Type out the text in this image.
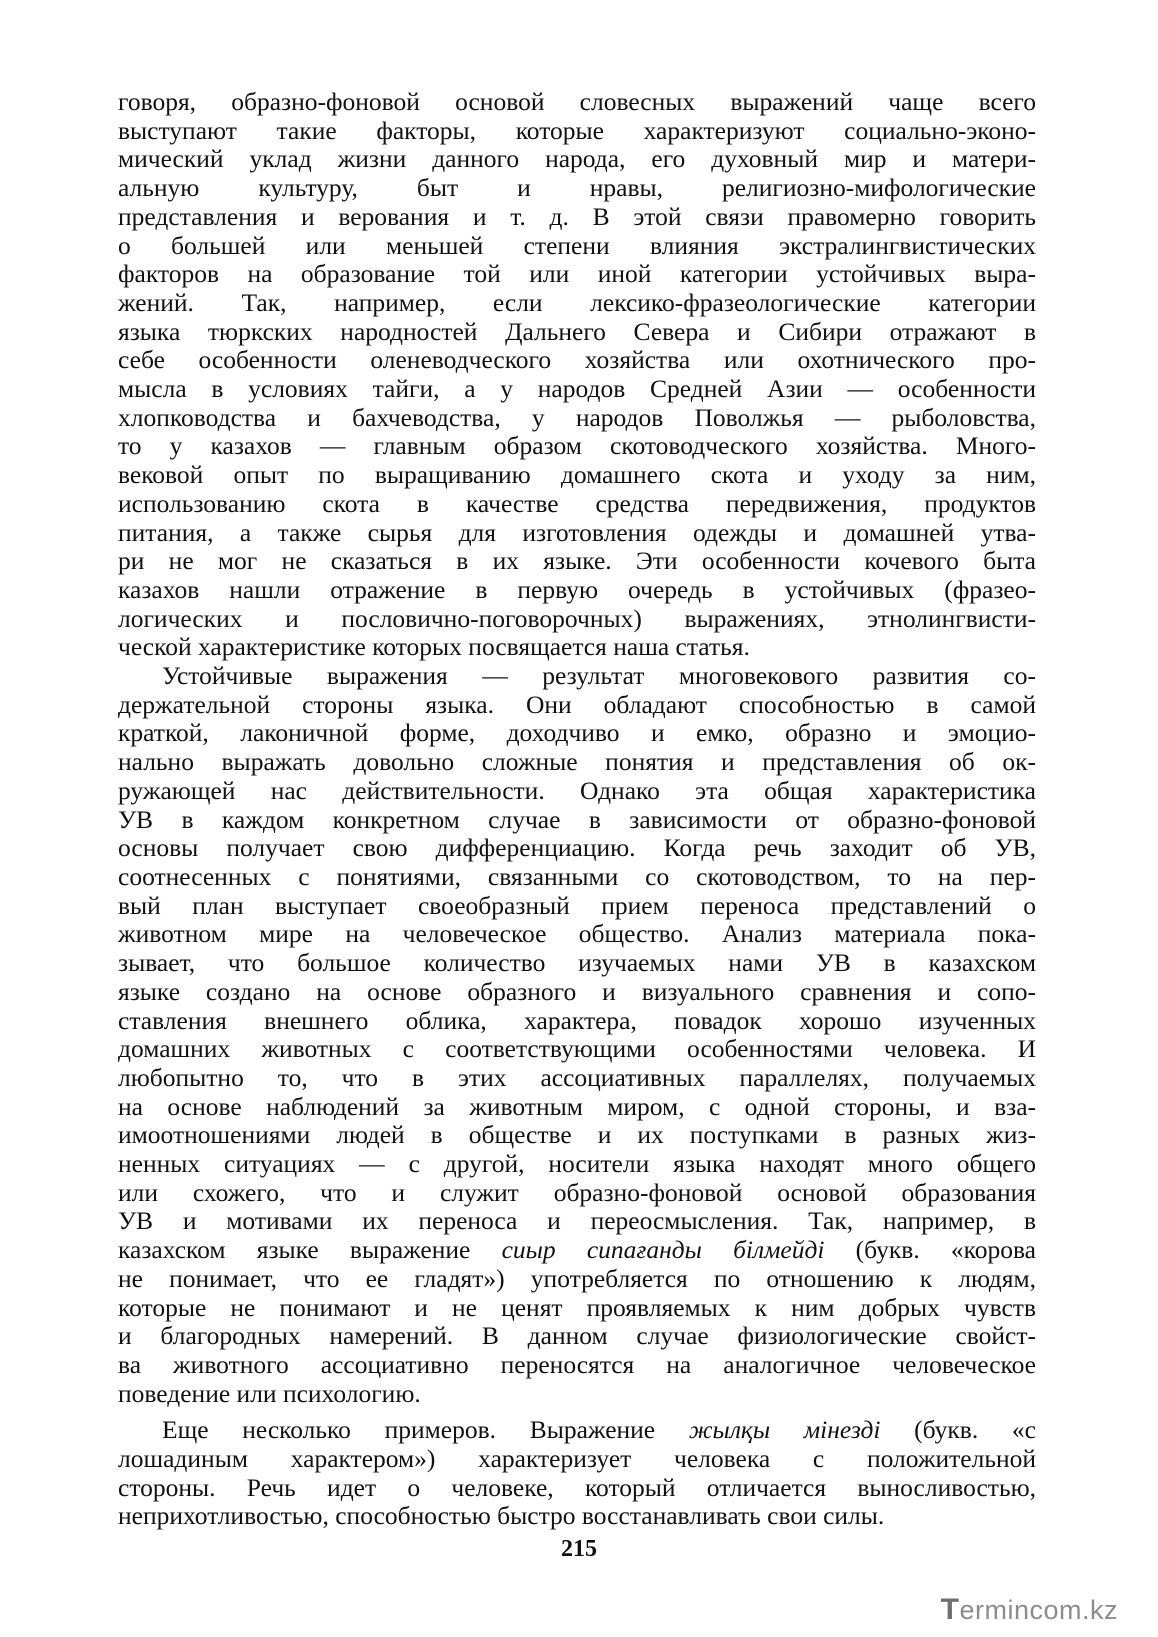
говоря, образно-фоновой основой словесных выражений чаще всего
выступают такие факторы, которые характеризуют социально-эконо-
мический уклад жизни данного народа, его духовный мир и матери-
альную культуру, быт и нравы, религиозно-мифологические
представления и верования и т. д. В этой связи правомерно говорить
о большей или меньшей степени влияния экстралингвистических
факторов на образование той или иной категории устойчивых выра-
жений. Так, например, если лексико-фразеологические категории
языка тюркских народностей Дальнего Севера и Сибири отражают в
себе особенности оленеводческого хозяйства или охотнического про-
мысла в условиях тайги, а у народов Средней Азии — особенности
хлопководства и бахчеводства, у народов Поволжья — рыболовства,
то у казахов — главным образом скотоводческого хозяйства. Много-
вековой опыт по выращиванию домашнего скота и уходу за ним,
использованию скота в качестве средства передвижения, продуктов
питания, а также сырья для изготовления одежды и домашней утва-
ри не мог не сказаться в их языке. Эти особенности кочевого быта
казахов нашли отражение в первую очередь в устойчивых (фразео-
логических и пословично-поговорочных) выражениях, этнолингвисти-
ческой характеристике которых посвящается наша статья.
Устойчивые выражения — результат многовекового развития со-
держательной стороны языка. Они обладают способностью в самой
краткой, лаконичной форме, доходчиво и емко, образно и эмоцио-
нально выражать довольно сложные понятия и представления об ок-
ружающей нас действительности. Однако эта общая характеристика
УВ в каждом конкретном случае в зависимости от образно-фоновой
основы получает свою дифференциацию. Когда речь заходит об УВ,
соотнесенных с понятиями, связанными со скотоводством, то на пер-
вый план выступает своеобразный прием переноса представлений о
животном мире на человеческое общество. Анализ материала пока-
зывает, что большое количество изучаемых нами УВ в казахском
языке создано на основе образного и визуального сравнения и сопо-
ставления внешнего облика, характера, повадок хорошо изученных
домашних животных с соответствующими особенностями человека. И
любопытно то, что в этих ассоциативных параллелях, получаемых
на основе наблюдений за животным миром, с одной стороны, и вза-
имоотношениями людей в обществе и их поступками в разных жиз-
ненных ситуациях — с другой, носители языка находят много общего
или схожего, что и служит образно-фоновой основой образования
УВ и мотивами их переноса и переосмысления. Так, например, в
казахском языке выражение сиыр сипағанды білмейді (букв. «корова
не понимает, что ее гладят») употребляется по отношению к людям,
которые не понимают и не ценят проявляемых к ним добрых чувств
и благородных намерений. В данном случае физиологические свойст-
ва животного ассоциативно переносятся на аналогичное человеческое
поведение или психологию.
Еще несколько примеров. Выражение жылқы мінезді (букв. «с
лошадиным характером») характеризует человека с положительной
стороны. Речь идет о человеке, который отличается выносливостью,
неприхотливостью, способностью быстро восстанавливать свои силы.
215
Termincom.kz
